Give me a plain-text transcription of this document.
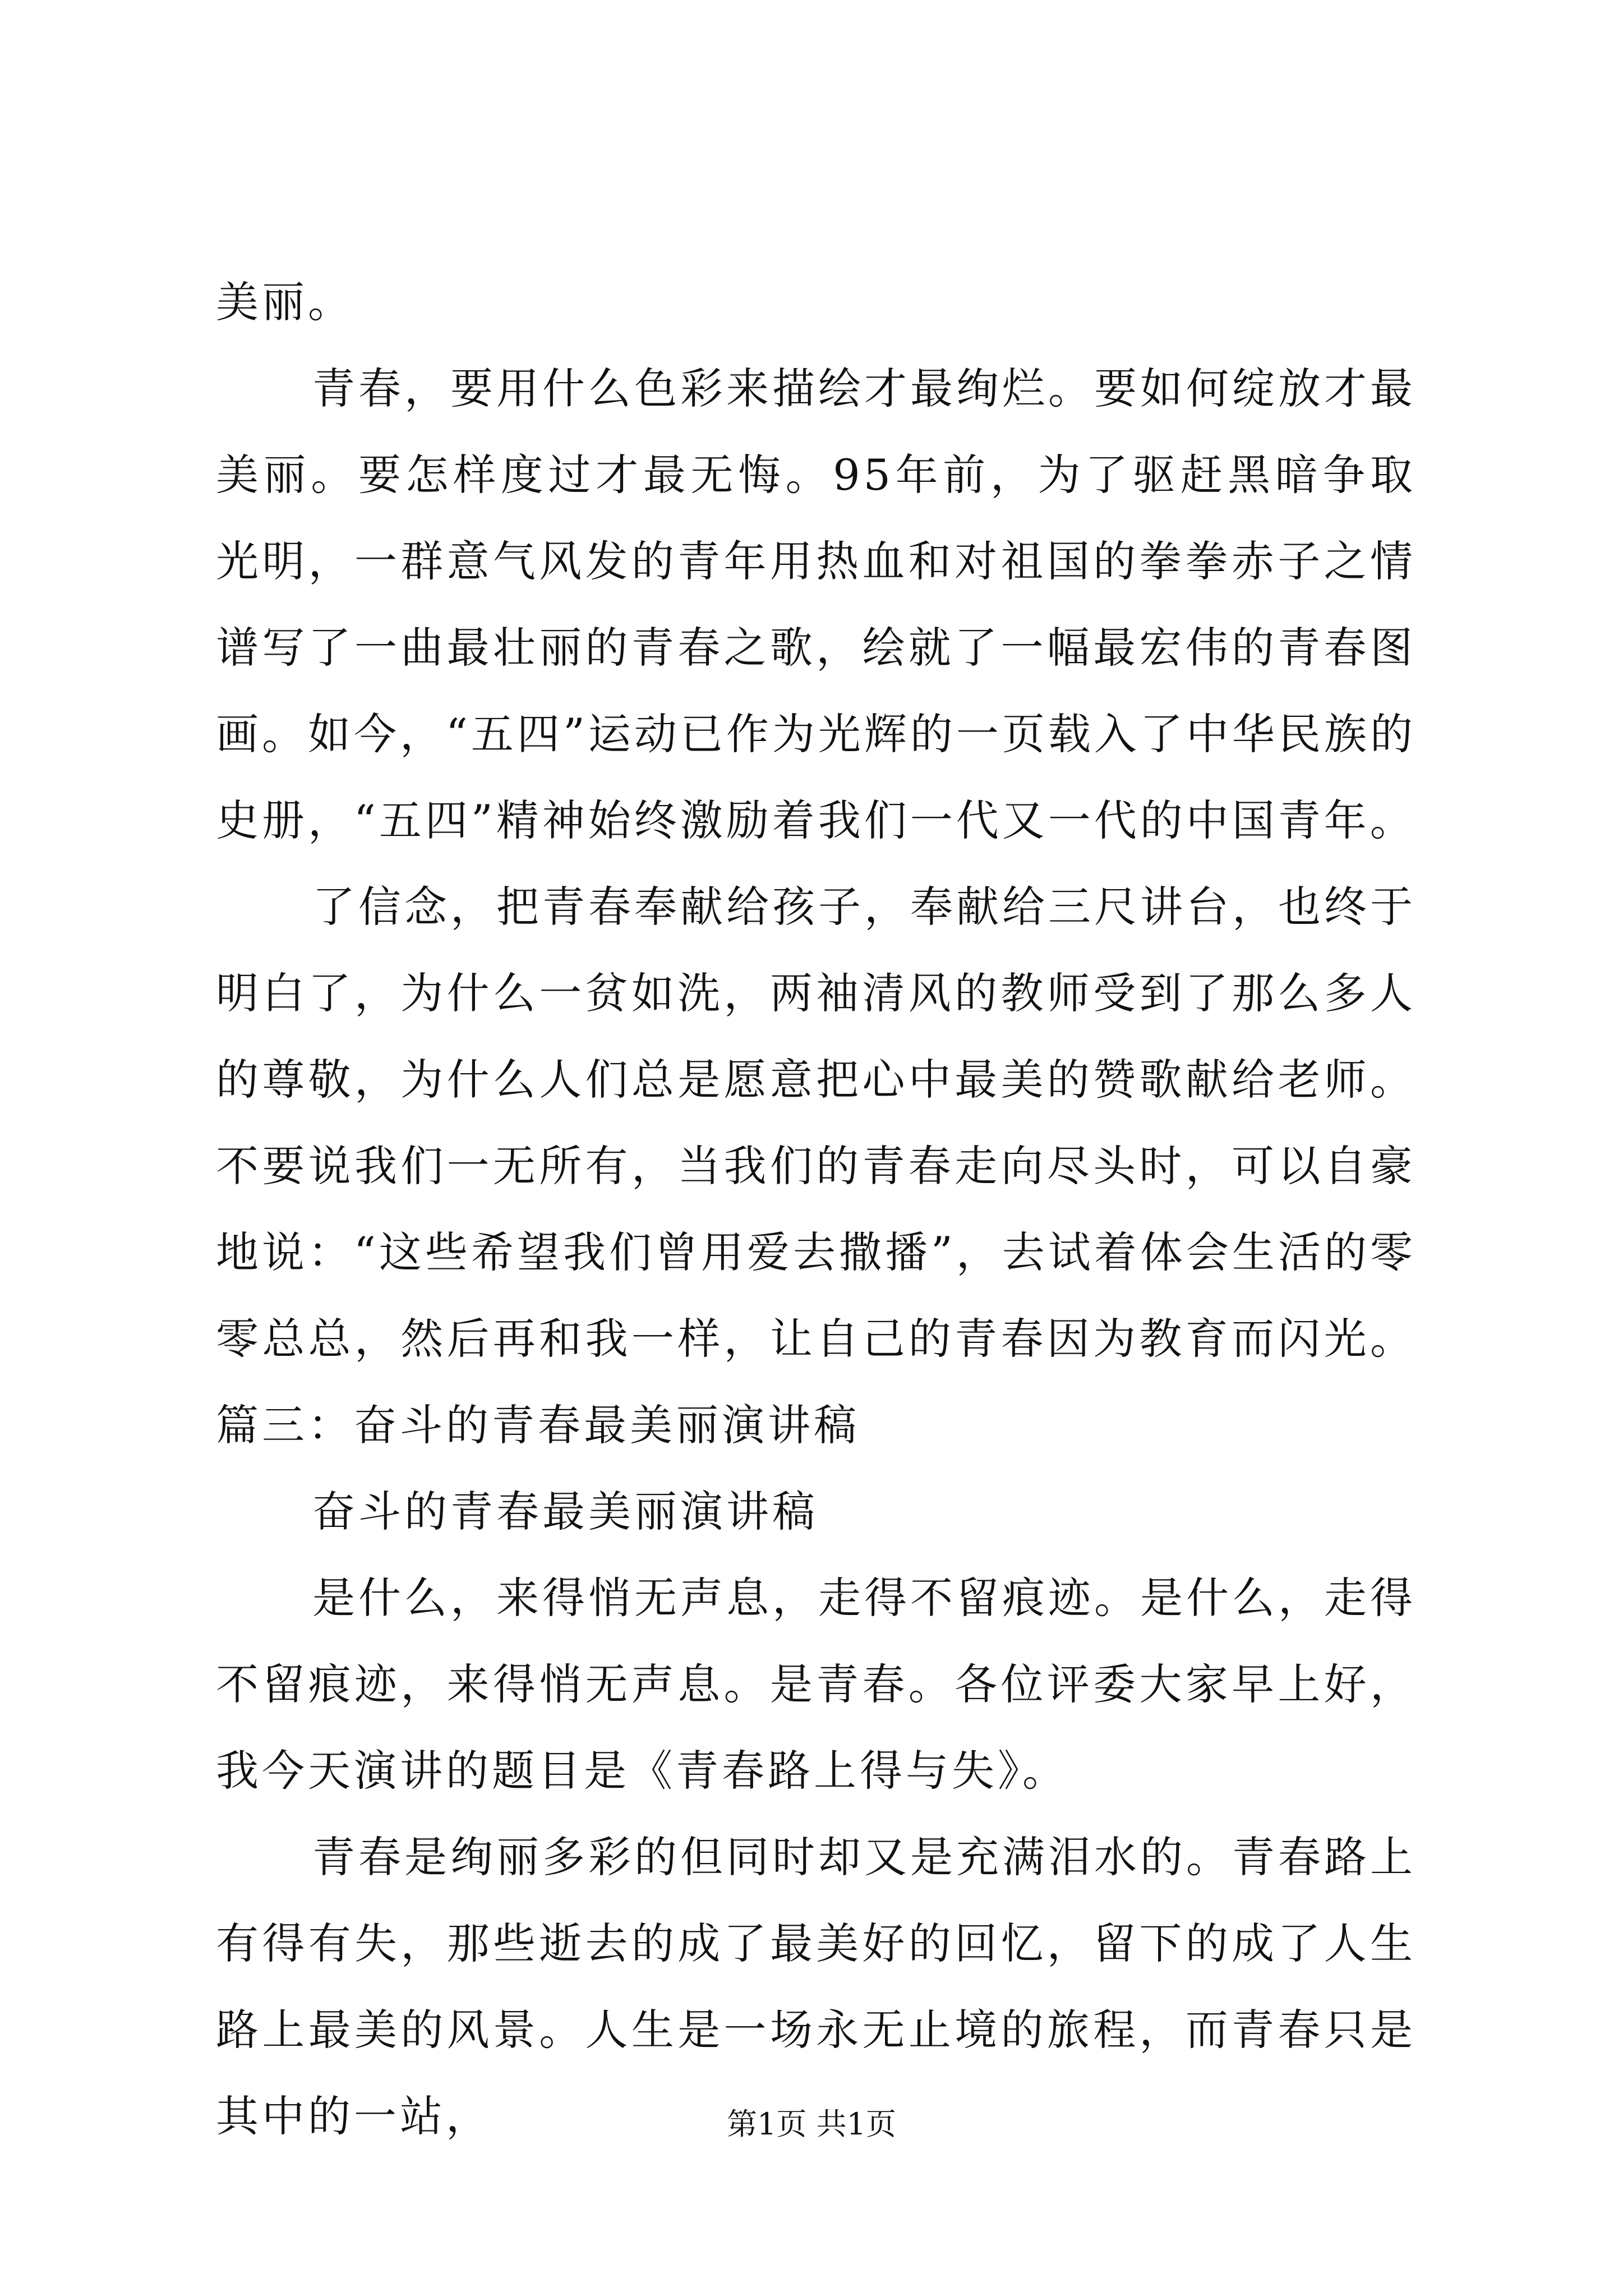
美丽。

青春，要用什么色彩来描绘才最绚烂。要如何绽放才最美丽。要怎样度过才最无悔。95年前，为了驱赶黑暗争取光明，一群意气风发的青年用热血和对祖国的拳拳赤子之情谱写了一曲最壮丽的青春之歌，绘就了一幅最宏伟的青春图画。如今，“五四”运动已作为光辉的一页载入了中华民族的史册，“五四”精神始终激励着我们一代又一代的中国青年。

了信念，把青春奉献给孩子，奉献给三尺讲台，也终于明白了，为什么一贫如洗，两袖清风的教师受到了那么多人的尊敬，为什么人们总是愿意把心中最美的赞歌献给老师。不要说我们一无所有，当我们的青春走向尽头时，可以自豪地说：“这些希望我们曾用爱去撒播”，去试着体会生活的零零总总，然后再和我一样，让自己的青春因为教育而闪光。篇三：奋斗的青春最美丽演讲稿

奋斗的青春最美丽演讲稿

是什么，来得悄无声息，走得不留痕迹。是什么，走得不留痕迹，来得悄无声息。是青春。各位评委大家早上好，我今天演讲的题目是《青春路上得与失》。

青春是绚丽多彩的但同时却又是充满泪水的。青春路上有得有失，那些逝去的成了最美好的回忆，留下的成了人生路上最美的风景。人生是一场永无止境的旅程，而青春只是其中的一站，	第1页 共1页
